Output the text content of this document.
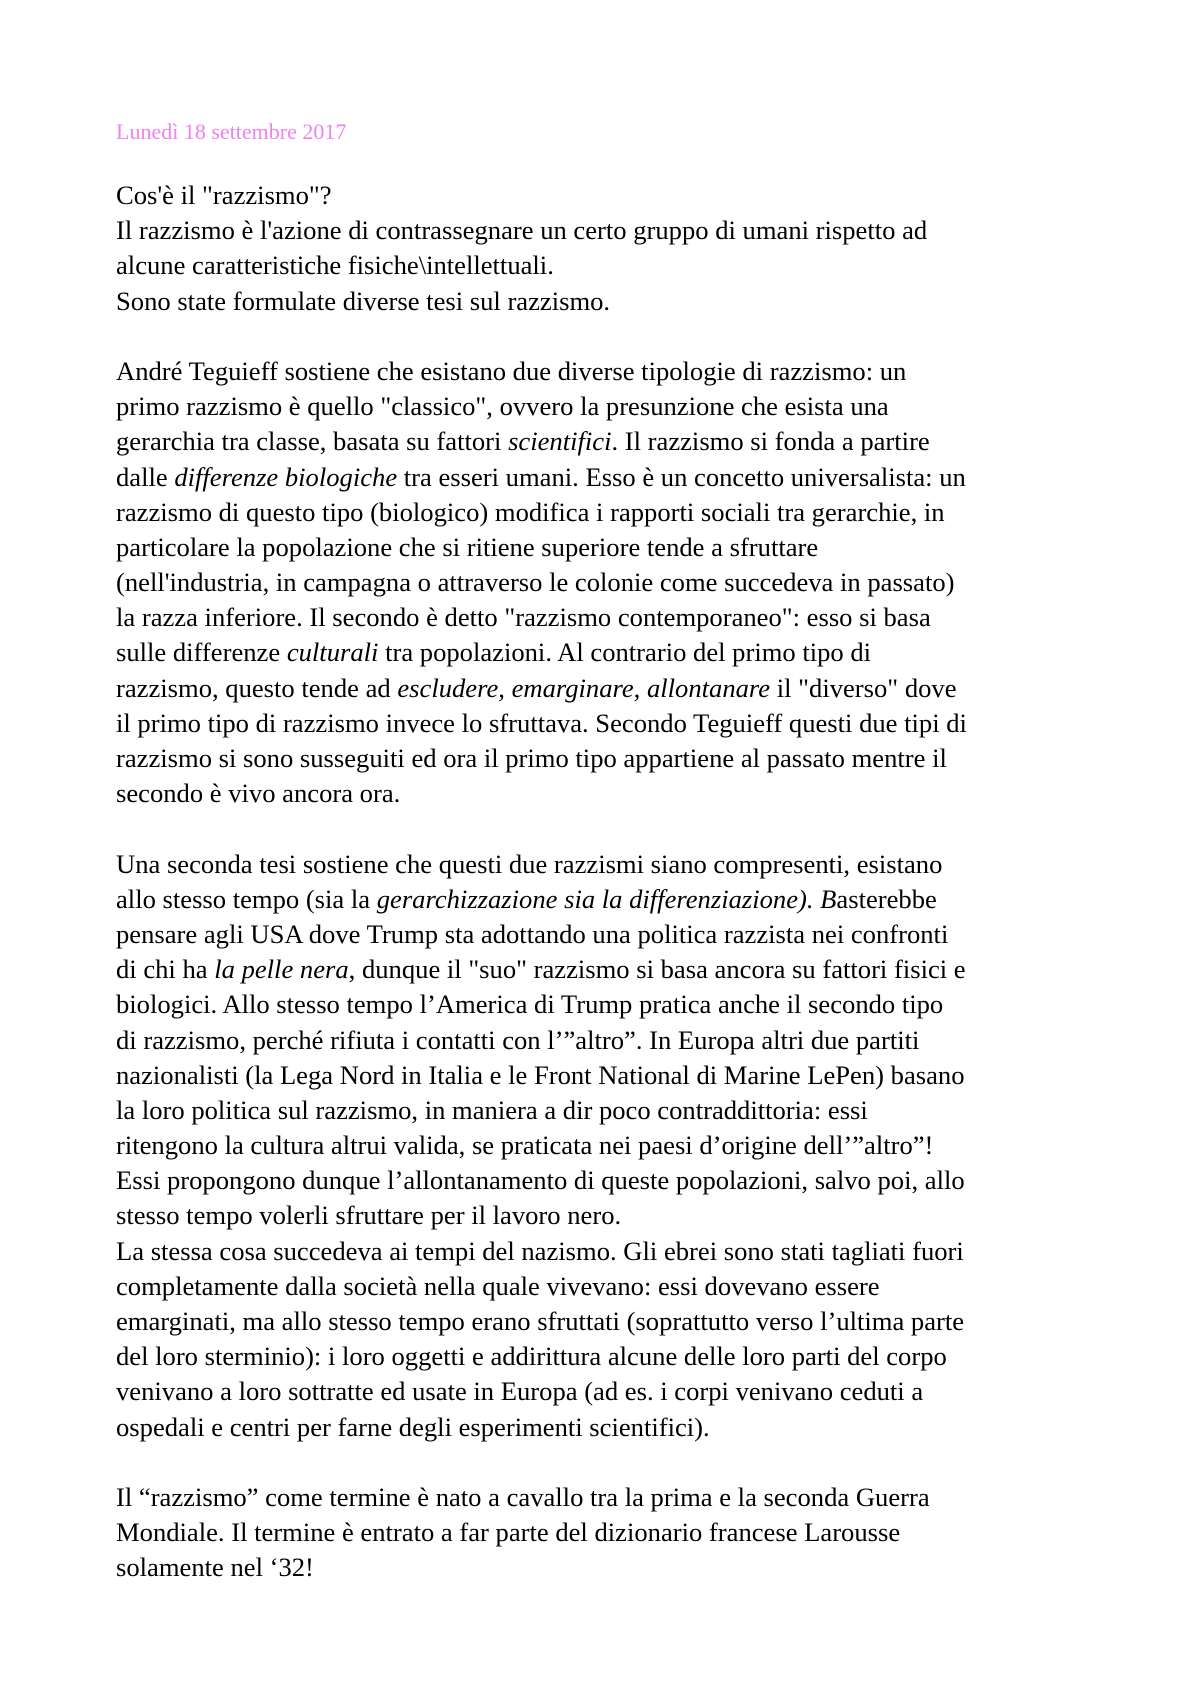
Lunedì 18 settembre 2017
Cos'è il "razzismo"?
Il razzismo è l'azione di contrassegnare un certo gruppo di umani rispetto ad
alcune caratteristiche fisiche\intellettuali.
Sono state formulate diverse tesi sul razzismo.
André Teguieff sostiene che esistano due diverse tipologie di razzismo: un
primo razzismo è quello "classico", ovvero la presunzione che esista una
gerarchia tra classe, basata su fattori scientifici. Il razzismo si fonda a partire
dalle differenze biologiche tra esseri umani. Esso è un concetto universalista: un
razzismo di questo tipo (biologico) modifica i rapporti sociali tra gerarchie, in
particolare la popolazione che si ritiene superiore tende a sfruttare
(nell'industria, in campagna o attraverso le colonie come succedeva in passato)
la razza inferiore. Il secondo è detto "razzismo contemporaneo": esso si basa
sulle differenze culturali tra popolazioni. Al contrario del primo tipo di
razzismo, questo tende ad escludere, emarginare, allontanare il "diverso" dove
il primo tipo di razzismo invece lo sfruttava. Secondo Teguieff questi due tipi di
razzismo si sono susseguiti ed ora il primo tipo appartiene al passato mentre il
secondo è vivo ancora ora.
Una seconda tesi sostiene che questi due razzismi siano compresenti, esistano
allo stesso tempo (sia la gerarchizzazione sia la differenziazione). Basterebbe
pensare agli USA dove Trump sta adottando una politica razzista nei confronti
di chi ha la pelle nera, dunque il "suo" razzismo si basa ancora su fattori fisici e
biologici. Allo stesso tempo l’America di Trump pratica anche il secondo tipo
di razzismo, perché rifiuta i contatti con l’”altro”. In Europa altri due partiti
nazionalisti (la Lega Nord in Italia e le Front National di Marine LePen) basano
la loro politica sul razzismo, in maniera a dir poco contraddittoria: essi
ritengono la cultura altrui valida, se praticata nei paesi d’origine dell’”altro”!
Essi propongono dunque l’allontanamento di queste popolazioni, salvo poi, allo
stesso tempo volerli sfruttare per il lavoro nero.
La stessa cosa succedeva ai tempi del nazismo. Gli ebrei sono stati tagliati fuori
completamente dalla società nella quale vivevano: essi dovevano essere
emarginati, ma allo stesso tempo erano sfruttati (soprattutto verso l’ultima parte
del loro sterminio): i loro oggetti e addirittura alcune delle loro parti del corpo
venivano a loro sottratte ed usate in Europa (ad es. i corpi venivano ceduti a
ospedali e centri per farne degli esperimenti scientifici).
Il “razzismo” come termine è nato a cavallo tra la prima e la seconda Guerra
Mondiale. Il termine è entrato a far parte del dizionario francese Larousse
solamente nel ‘32!
